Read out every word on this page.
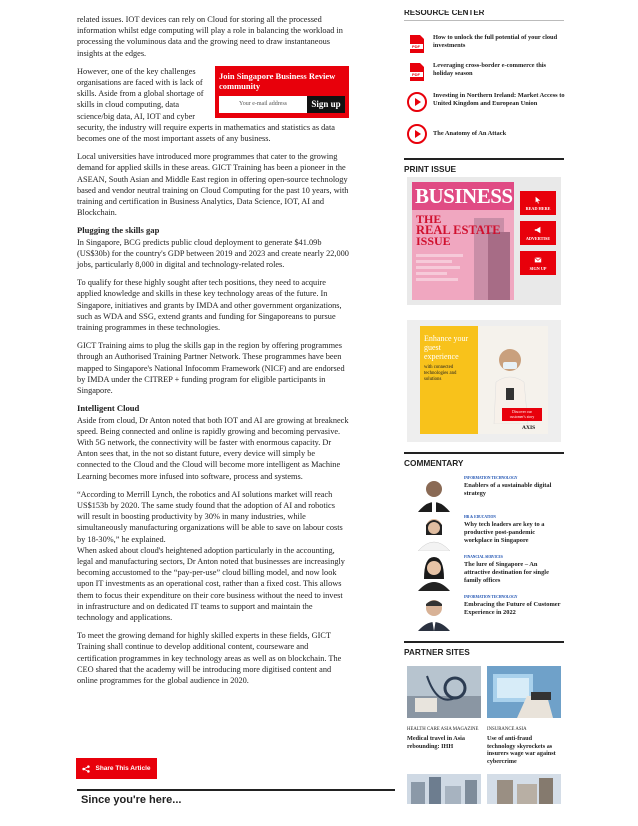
related issues. IOT devices can rely on Cloud for storing all the processed information whilst edge computing will play a role in balancing the workload in processing the voluminous data and the growing need to draw instantaneous insights at the edges.

Join Singapore Business Review community
Your e-mail address	Sign up

However, one of the key challenges organisations are faced with is lack of skills. Aside from a global shortage of skills in cloud computing, data science/big data, AI, IOT and cyber security, the industry will require experts in mathematics and statistics as data becomes one of the most important assets of any business.

Local universities have introduced more programmes that cater to the growing demand for applied skills in these areas. GICT Training has been a pioneer in the ASEAN, South Asian and Middle East region in offering open-source technology based and vendor neutral training on Cloud Computing for the past 10 years, with training and certification in Business Analytics, Data Science, IOT, AI and Blockchain.

Plugging the skills gap

In Singapore, BCG predicts public cloud deployment to generate $41.09b (US$30b) for the country's GDP between 2019 and 2023 and create nearly 22,000 jobs, particularly 8,000 in digital and technology-related roles.

To qualify for these highly sought after tech positions, they need to acquire applied knowledge and skills in these key technology areas of the future. In Singapore, initiatives and grants by IMDA and other government organizations, such as WDA and SSG, extend grants and funding for Singaporeans to pursue training programmes in these technologies.

GICT Training aims to plug the skills gap in the region by offering programmes through an Authorised Training Partner Network. These programmes have been mapped to Singapore's National Infocomm Framework (NICF) and are endorsed by IMDA under the CITREP + funding program for eligible participants in Singapore.

Intelligent Cloud

Aside from cloud, Dr Anton noted that both IOT and AI are growing at breakneck speed. Being connected and online is rapidly growing and becoming pervasive. With 5G network, the connectivity will be faster with enormous capacity. Dr Anton sees that, in the not so distant future, every device will simply be connected to the Cloud and the Cloud will become more intelligent as Machine Learning becomes more infused into software, process and systems.

“According to Merrill Lynch, the robotics and AI solutions market will reach US$153b by 2020. The same study found that the adoption of AI and robotics will result in boosting productivity by 30% in many industries, while simultaneously manufacturing organizations will be able to save on labour costs by 18-30%,” he explained.

When asked about cloud's heightened adoption particularly in the accounting, legal and manufacturing sectors, Dr Anton noted that businesses are increasingly becoming accustomed to the “pay-per-use” cloud billing model, and now look upon IT investments as an operational cost, rather than a fixed cost. This allows them to focus their expenditure on their core business without the need to invest in infrastructure and on dedicated IT teams to support and maintain the technology and applications.

To meet the growing demand for highly skilled experts in these fields, GICT Training shall continue to develop additional content, courseware and certification programmes in key technology areas as well as on blockchain. The CEO shared that the academy will be introducing more digitised content and online programmes for the global audience in 2020.

Share This Article
Since you're here...
RESOURCE CENTER
PDF
How to unlock the full potential of your cloud investments
PDF
Leveraging cross-border e-commerce this holiday season
Investing in Northern Ireland: Market Access to United Kingdom and European Union
The Anatomy of An Attack
PRINT ISSUE
BUSINESS
THE
REAL ESTATE
ISSUE
READ HERE
ADVERTISE
SIGN UP
Enhance your guest experience
with connected technologies and solutions
Discover our customer's story
AXIS
COMMENTARY
INFORMATION TECHNOLOGY
Enablers of a sustainable digital strategy
HR & EDUCATION
Why tech leaders are key to a productive post-pandemic workplace in Singapore
FINANCIAL SERVICES
The lure of Singapore – An attractive destination for single family offices
INFORMATION TECHNOLOGY
Embracing the Future of Customer Experience in 2022
PARTNER SITES
HEALTH CARE ASIA MAGAZINE
Medical travel in Asia rebounding: IHH
INSURANCE ASIA
Use of anti-fraud technology skyrockets as insurers wage war against cybercrime
